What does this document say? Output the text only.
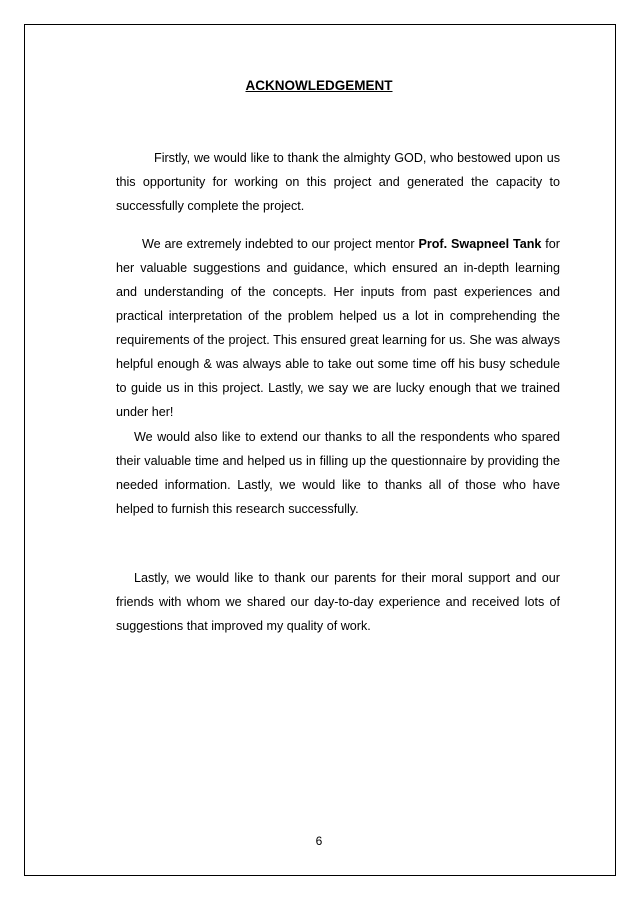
ACKNOWLEDGEMENT

Firstly, we would like to thank the almighty GOD, who bestowed upon us this opportunity for working on this project and generated the capacity to successfully complete the project.

We are extremely indebted to our project mentor Prof. Swapneel Tank for her valuable suggestions and guidance, which ensured an in-depth learning and understanding of the concepts. Her inputs from past experiences and practical interpretation of the problem helped us a lot in comprehending the requirements of the project. This ensured great learning for us. She was always helpful enough & was always able to take out some time off his busy schedule to guide us in this project. Lastly, we say we are lucky enough that we trained under her!

We would also like to extend our thanks to all the respondents who spared their valuable time and helped us in filling up the questionnaire by providing the needed information. Lastly, we would like to thanks all of those who have helped to furnish this research successfully.

Lastly, we would like to thank our parents for their moral support and our friends with whom we shared our day-to-day experience and received lots of suggestions that improved my quality of work.

6
